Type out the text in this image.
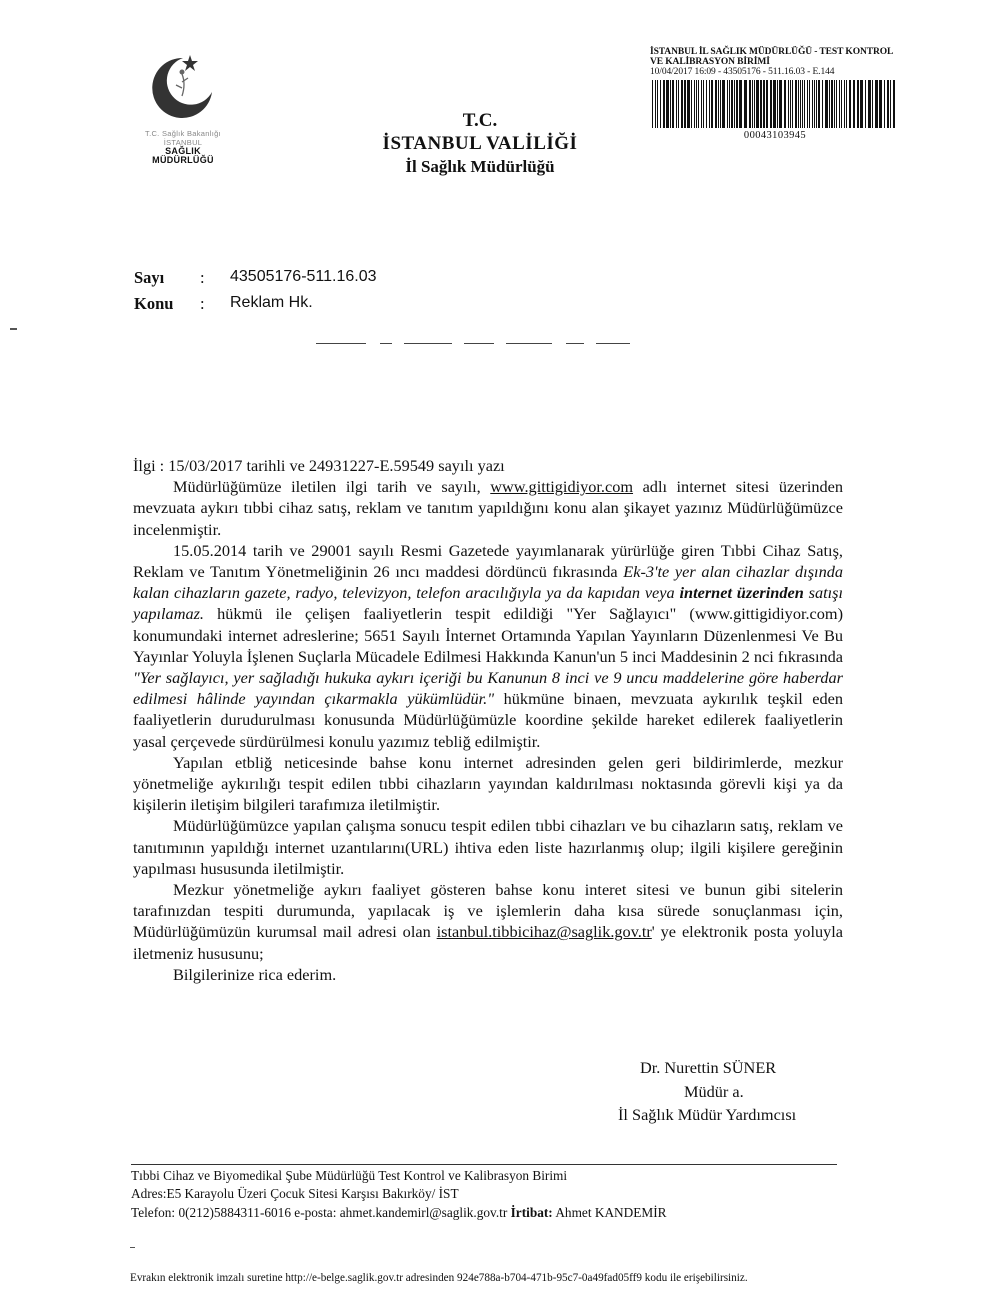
T.C. Sağlık Bakanlığı
İSTANBUL
SAĞLIK
MÜDÜRLÜĞÜ
T.C.
İSTANBUL VALİLİĞİ
İl Sağlık Müdürlüğü
İSTANBUL İL SAĞLIK MÜDÜRLÜĞÜ - TEST KONTROL
VE KALİBRASYON BİRİMİ
10/04/2017 16:09 - 43505176 - 511.16.03 - E.144
00043103945
Sayı	:	43505176-511.16.03
Konu	:	Reklam Hk.

İlgi : 15/03/2017 tarihli ve 24931227-E.59549 sayılı yazı

Müdürlüğümüze iletilen ilgi tarih ve sayılı, www.gittigidiyor.com adlı internet sitesi üzerinden mevzuata aykırı tıbbi cihaz satış, reklam ve tanıtım yapıldığını konu alan şikayet yazınız Müdürlüğümüzce incelenmiştir.

15.05.2014 tarih ve 29001 sayılı Resmi Gazetede yayımlanarak yürürlüğe giren Tıbbi Cihaz Satış, Reklam ve Tanıtım Yönetmeliğinin 26 ıncı maddesi dördüncü fıkrasında Ek-3'te yer alan cihazlar dışında kalan cihazların gazete, radyo, televizyon, telefon aracılığıyla ya da kapıdan veya internet üzerinden satışı yapılamaz. hükmü ile çelişen faaliyetlerin tespit edildiği "Yer Sağlayıcı" (www.gittigidiyor.com) konumundaki internet adreslerine; 5651 Sayılı İnternet Ortamında Yapılan Yayınların Düzenlenmesi Ve Bu Yayınlar Yoluyla İşlenen Suçlarla Mücadele Edilmesi Hakkında Kanun'un 5 inci Maddesinin 2 nci fıkrasında "Yer sağlayıcı, yer sağladığı hukuka aykırı içeriği bu Kanunun 8 inci ve 9 uncu maddelerine göre haberdar edilmesi hâlinde yayından çıkarmakla yükümlüdür." hükmüne binaen, mevzuata aykırılık teşkil eden faaliyetlerin durudurulması konusunda Müdürlüğümüzle koordine şekilde hareket edilerek faaliyetlerin yasal çerçevede sürdürülmesi konulu yazımız tebliğ edilmiştir.

Yapılan etbliğ neticesinde bahse konu internet adresinden gelen geri bildirimlerde, mezkur yönetmeliğe aykırılığı tespit edilen tıbbi cihazların yayından kaldırılması noktasında görevli kişi ya da kişilerin iletişim bilgileri tarafımıza iletilmiştir.

Müdürlüğümüzce yapılan çalışma sonucu tespit edilen tıbbi cihazları ve bu cihazların satış, reklam ve tanıtımının yapıldığı internet uzantılarını(URL) ihtiva eden liste hazırlanmış olup; ilgili kişilere gereğinin yapılması hususunda iletilmiştir.

Mezkur yönetmeliğe aykırı faaliyet gösteren bahse konu interet sitesi ve bunun gibi sitelerin tarafınızdan tespiti durumunda, yapılacak iş ve işlemlerin daha kısa sürede sonuçlanması için, Müdürlüğümüzün kurumsal mail adresi olan istanbul.tibbicihaz@saglik.gov.tr' ye elektronik posta yoluyla iletmeniz hususunu;

Bilgilerinize rica ederim.

Dr. Nurettin SÜNER
Müdür a.
İl Sağlık Müdür Yardımcısı
Tıbbi Cihaz ve Biyomedikal Şube Müdürlüğü Test Kontrol ve Kalibrasyon Birimi
Adres:E5 Karayolu Üzeri Çocuk Sitesi Karşısı Bakırköy/ İST
Telefon: 0(212)5884311-6016 e-posta: ahmet.kandemirl@saglik.gov.tr İrtibat: Ahmet KANDEMİR
Evrakın elektronik imzalı suretine http://e-belge.saglik.gov.tr adresinden 924e788a-b704-471b-95c7-0a49fad05ff9 kodu ile erişebilirsiniz.
